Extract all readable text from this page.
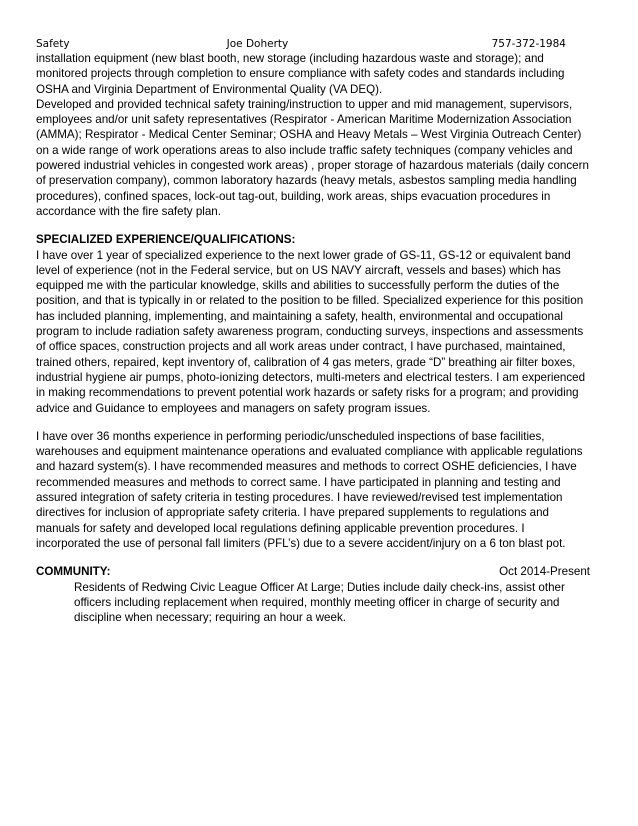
Safety	Joe Doherty	757-372-1984

installation equipment (new blast booth, new storage (including hazardous waste and storage); and monitored projects through completion to ensure compliance with safety codes and standards including OSHA and Virginia Department of Environmental Quality (VA DEQ).

Developed and provided technical safety training/instruction to upper and mid management, supervisors, employees and/or unit safety representatives (Respirator - American Maritime Modernization Association (AMMA); Respirator - Medical Center Seminar; OSHA and Heavy Metals – West Virginia Outreach Center) on a wide range of work operations areas to also include traffic safety techniques (company vehicles and powered industrial vehicles in congested work areas) , proper storage of hazardous materials (daily concern of preservation company), common laboratory hazards (heavy metals, asbestos sampling media handling procedures), confined spaces, lock-out tag-out, building, work areas, ships evacuation procedures in accordance with the fire safety plan.

SPECIALIZED EXPERIENCE/QUALIFICATIONS:

I have over 1 year of specialized experience to the next lower grade of GS-11, GS-12 or equivalent band level of experience (not in the Federal service, but on US NAVY aircraft, vessels and bases) which has equipped me with the particular knowledge, skills and abilities to successfully perform the duties of the position, and that is typically in or related to the position to be filled. Specialized experience for this position has included planning, implementing, and maintaining a safety, health, environmental and occupational program to include radiation safety awareness program, conducting surveys, inspections and assessments of office spaces, construction projects and all work areas under contract, I have purchased, maintained, trained others, repaired, kept inventory of, calibration of 4 gas meters, grade “D” breathing air filter boxes, industrial hygiene air pumps, photo-ionizing detectors, multi-meters and electrical testers. I am experienced in making recommendations to prevent potential work hazards or safety risks for a program; and providing advice and Guidance to employees and managers on safety program issues.

I have over 36 months experience in performing periodic/unscheduled inspections of base facilities, warehouses and equipment maintenance operations and evaluated compliance with applicable regulations and hazard system(s). I have recommended measures and methods to correct OSHE deficiencies, I have recommended measures and methods to correct same. I have participated in planning and testing and assured integration of safety criteria in testing procedures. I have reviewed/revised test implementation directives for inclusion of appropriate safety criteria. I have prepared supplements to regulations and manuals for safety and developed local regulations defining applicable prevention procedures. I incorporated the use of personal fall limiters (PFL’s) due to a severe accident/injury on a 6 ton blast pot.

COMMUNITY:	Oct 2014-Present

Residents of Redwing Civic League Officer At Large; Duties include daily check-ins, assist other officers including replacement when required, monthly meeting officer in charge of security and discipline when necessary; requiring an hour a week.
